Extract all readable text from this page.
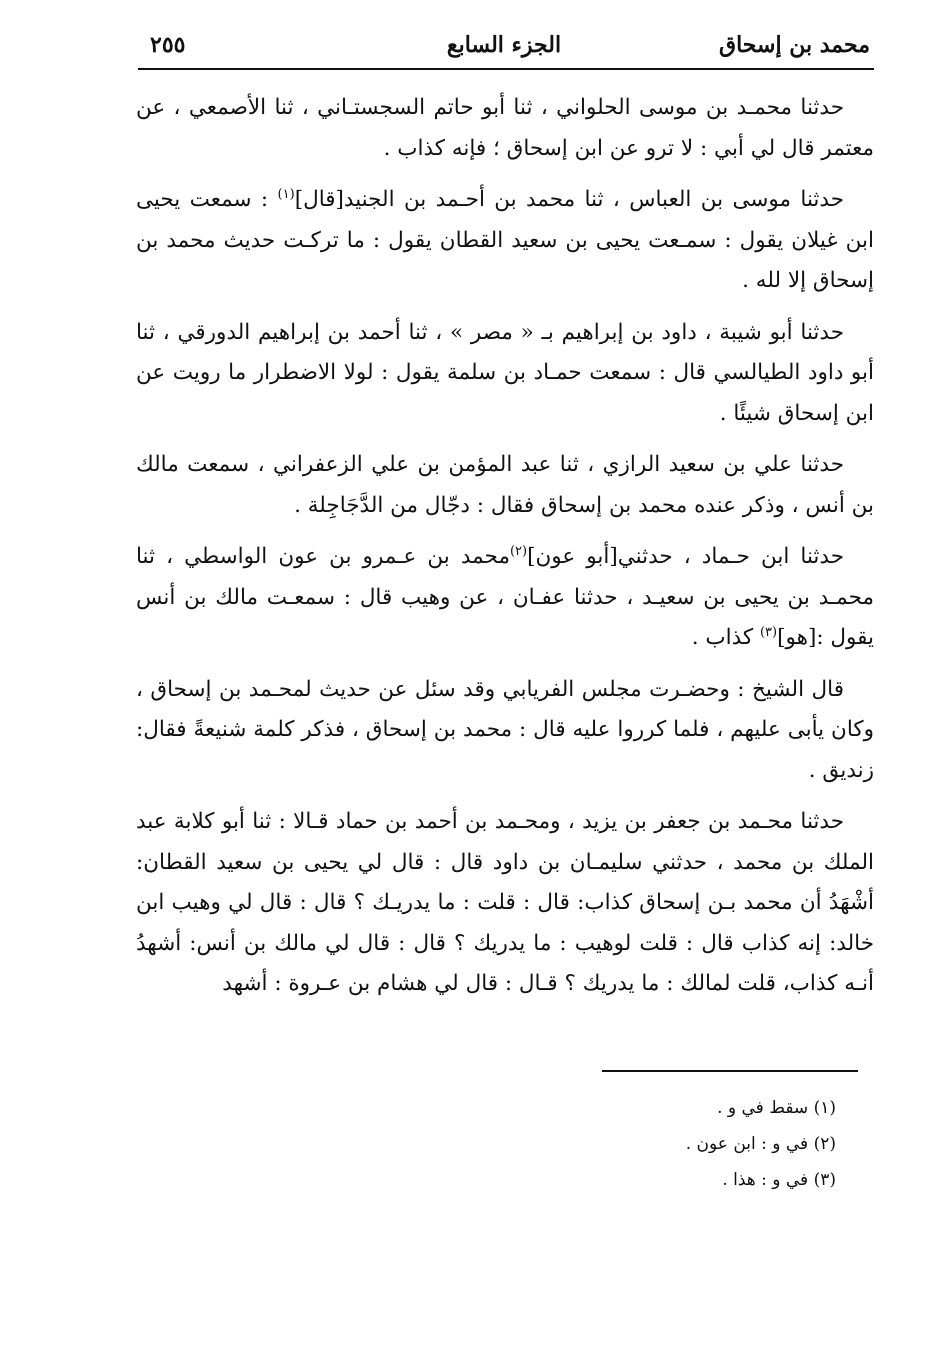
محمد بن إسحاق
الجزء السابع
٢٥٥

حدثنا محمـد بن موسى الحلواني ، ثنا أبو حاتم السجستـاني ، ثنا الأصمعي ، عن معتمر قال لي أبي : لا ترو عن ابن إسحاق ؛ فإنه كذاب .

حدثنا موسى بن العباس ، ثنا محمد بن أحـمد بن الجنيد[قال]$^{(١)}$ : سمعت يحيى ابن غيلان يقول : سمـعت يحيى بن سعيد القطان يقول : ما تركـت حديث محمد بن إسحاق إلا لله .

حدثنا أبو شيبة ، داود بن إبراهيم بـ « مصر » ، ثنا أحمد بن إبراهيم الدورقي ، ثنا أبو داود الطيالسي قال : سمعت حمـاد بن سلمة يقول : لولا الاضطرار ما رويت عن ابن إسحاق شيئًا .

حدثنا علي بن سعيد الرازي ، ثنا عبد المؤمن بن علي الزعفراني ، سمعت مالك بن أنس ، وذكر عنده محمد بن إسحاق فقال : دجّال من الدَّجَاجِلة .

حدثنا ابن حـماد ، حدثني[أبو عون]$^{(٢)}$محمد بن عـمرو بن عون الواسطي ، ثنا محمـد بن يحيى بن سعيـد ، حدثنا عفـان ، عن وهيب قال : سمعـت مالك بن أنس يقول :[هو]$^{(٣)}$ كذاب .

قال الشيخ : وحضـرت مجلس الفريابي وقد سئل عن حديث لمحـمد بن إسحاق ، وكان يأبى عليهم ، فلما كرروا عليه قال : محمد بن إسحاق ، فذكر كلمة شنيعةً فقال: زنديق .

حدثنا محـمد بن جعفر بن يزيد ، ومحـمد بن أحمد بن حماد قـالا : ثنا أبو كلابة عبد الملك بن محمد ، حدثني سليمـان بن داود قال : قال لي يحيى بن سعيد القطان: أشْهَدُ أن محمد بـن إسحاق كذاب: قال : قلت : ما يدريـك ؟ قال : قال لي وهيب ابن خالد: إنه كذاب قال : قلت لوهيب : ما يدريك ؟ قال : قال لي مالك بن أنس: أشهدُ أنـه كذاب، قلت لمالك : ما يدريك ؟ قـال : قال لي هشام بن عـروة : أشهد

(١) سقط في و .

(٢) في و : ابن عون .

(٣) في و : هذا .
